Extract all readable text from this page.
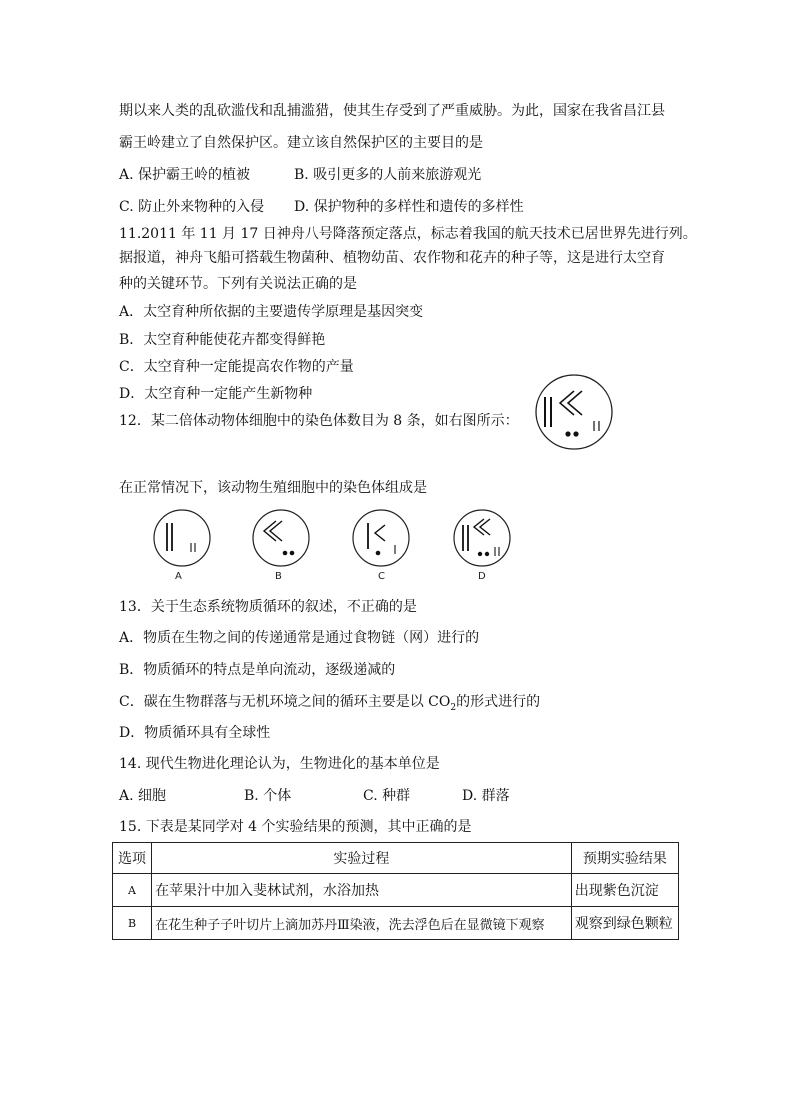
期以来人类的乱砍滥伐和乱捕滥猎，使其生存受到了严重威胁。为此，国家在我省昌江县
霸王岭建立了自然保护区。建立该自然保护区的主要目的是
A. 保护霸王岭的植被	B. 吸引更多的人前来旅游观光
C. 防止外来物种的入侵 D. 保护物种的多样性和遗传的多样性
11.2011 年 11 月 17 日神舟八号降落预定落点，标志着我国的航天技术已居世界先进行列。
据报道，神舟飞船可搭载生物菌种、植物幼苗、农作物和花卉的种子等，这是进行太空育
种的关键环节。下列有关说法正确的是
A．太空育种所依据的主要遗传学原理是基因突变
B．太空育种能使花卉都变得鲜艳
C．太空育种一定能提高农作物的产量
D．太空育种一定能产生新物种
12．某二倍体动物体细胞中的染色体数目为 8 条，如右图所示：
在正常情况下，该动物生殖细胞中的染色体组成是
A	B	C	D
13．关于生态系统物质循环的叙述，不正确的是
A．物质在生物之间的传递通常是通过食物链（网）进行的
B．物质循环的特点是单向流动，逐级递减的
C．碳在生物群落与无机环境之间的循环主要是以 $CO_2$的形式进行的
D．物质循环具有全球性
14. 现代生物进化理论认为，生物进化的基本单位是
A. 细胞	B. 个体	C. 种群	D. 群落
15. 下表是某同学对 4 个实验结果的预测，其中正确的是
选项	实验过程	预期实验结果
A	在苹果汁中加入斐林试剂，水浴加热	出现紫色沉淀
B	在花生种子子叶切片上滴加苏丹Ⅲ染液，洗去浮色后在显微镜下观察	观察到绿色颗粒
